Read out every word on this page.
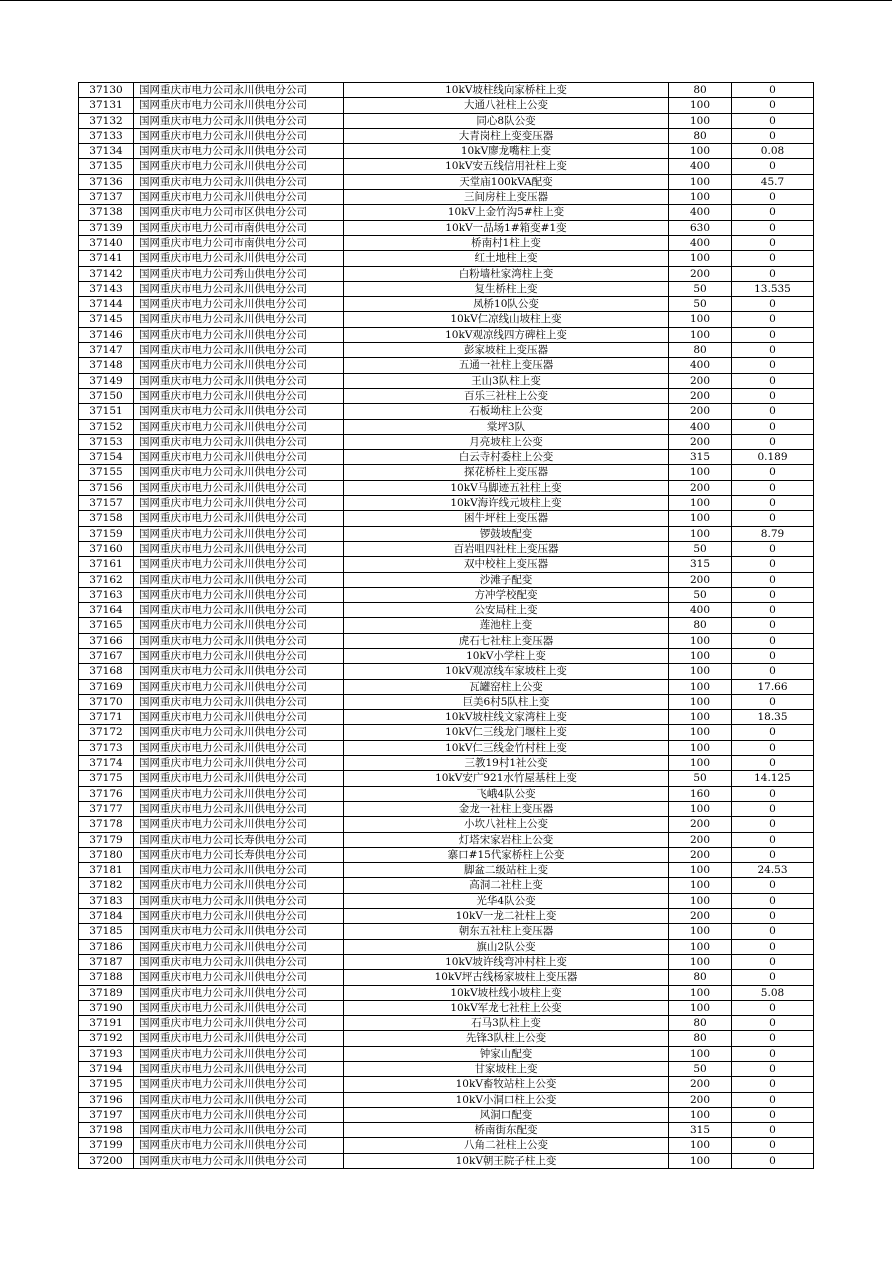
37130	国网重庆市电力公司永川供电分公司	10kV坡柱线向家桥柱上变	80	0
37131	国网重庆市电力公司永川供电分公司	大通八社柱上公变	100	0
37132	国网重庆市电力公司永川供电分公司	同心8队公变	100	0
37133	国网重庆市电力公司永川供电分公司	大青岗柱上变变压器	80	0
37134	国网重庆市电力公司永川供电分公司	10kV廖龙嘴柱上变	100	0.08
37135	国网重庆市电力公司永川供电分公司	10kV安五线信用社柱上变	400	0
37136	国网重庆市电力公司永川供电分公司	天堂庙100kVA配变	100	45.7
37137	国网重庆市电力公司永川供电分公司	三间房柱上变压器	100	0
37138	国网重庆市电力公司市区供电分公司	10kV上金竹沟5#柱上变	400	0
37139	国网重庆市电力公司市南供电分公司	10kV一品场1#箱变#1变	630	0
37140	国网重庆市电力公司市南供电分公司	桥南村1柱上变	400	0
37141	国网重庆市电力公司永川供电分公司	红土地柱上变	100	0
37142	国网重庆市电力公司秀山供电分公司	白粉墙杜家湾柱上变	200	0
37143	国网重庆市电力公司永川供电分公司	复生桥柱上变	50	13.535
37144	国网重庆市电力公司永川供电分公司	凤桥10队公变	50	0
37145	国网重庆市电力公司永川供电分公司	10kV仁凉线山坡柱上变	100	0
37146	国网重庆市电力公司永川供电分公司	10kV观凉线四方碑柱上变	100	0
37147	国网重庆市电力公司永川供电分公司	彭家坡柱上变压器	80	0
37148	国网重庆市电力公司永川供电分公司	五通一社柱上变压器	400	0
37149	国网重庆市电力公司永川供电分公司	王山3队柱上变	200	0
37150	国网重庆市电力公司永川供电分公司	百乐三社柱上公变	200	0
37151	国网重庆市电力公司永川供电分公司	石板坳柱上公变	200	0
37152	国网重庆市电力公司永川供电分公司	棠坪3队	400	0
37153	国网重庆市电力公司永川供电分公司	月亮坡柱上公变	200	0
37154	国网重庆市电力公司永川供电分公司	白云寺村委柱上公变	315	0.189
37155	国网重庆市电力公司永川供电分公司	探花桥柱上变压器	100	0
37156	国网重庆市电力公司永川供电分公司	10kV马脚迹五社柱上变	200	0
37157	国网重庆市电力公司永川供电分公司	10kV海许线元坡柱上变	100	0
37158	国网重庆市电力公司永川供电分公司	困牛坪柱上变压器	100	0
37159	国网重庆市电力公司永川供电分公司	锣鼓坡配变	100	8.79
37160	国网重庆市电力公司永川供电分公司	百岩咀四社柱上变压器	50	0
37161	国网重庆市电力公司永川供电分公司	双中校柱上变压器	315	0
37162	国网重庆市电力公司永川供电分公司	沙滩子配变	200	0
37163	国网重庆市电力公司永川供电分公司	方冲学校配变	50	0
37164	国网重庆市电力公司永川供电分公司	公安局柱上变	400	0
37165	国网重庆市电力公司永川供电分公司	莲池柱上变	80	0
37166	国网重庆市电力公司永川供电分公司	虎石七社柱上变压器	100	0
37167	国网重庆市电力公司永川供电分公司	10kV小学柱上变	100	0
37168	国网重庆市电力公司永川供电分公司	10kV观凉线车家坡柱上变	100	0
37169	国网重庆市电力公司永川供电分公司	瓦罐窑柱上公变	100	17.66
37170	国网重庆市电力公司永川供电分公司	巨美6村5队柱上变	100	0
37171	国网重庆市电力公司永川供电分公司	10kV坡柱线文家湾柱上变	100	18.35
37172	国网重庆市电力公司永川供电分公司	10kV仁三线龙门堰柱上变	100	0
37173	国网重庆市电力公司永川供电分公司	10kV仁三线金竹村柱上变	100	0
37174	国网重庆市电力公司永川供电分公司	三教19村1社公变	100	0
37175	国网重庆市电力公司永川供电分公司	10kV安广921水竹屋基柱上变	50	14.125
37176	国网重庆市电力公司永川供电分公司	飞峨4队公变	160	0
37177	国网重庆市电力公司永川供电分公司	金龙一社柱上变压器	100	0
37178	国网重庆市电力公司永川供电分公司	小坎八社柱上公变	200	0
37179	国网重庆市电力公司长寿供电分公司	灯塔宋家岩柱上公变	200	0
37180	国网重庆市电力公司长寿供电分公司	寨口#15代家桥柱上公变	200	0
37181	国网重庆市电力公司永川供电分公司	脚盆二级站柱上变	100	24.53
37182	国网重庆市电力公司永川供电分公司	高洞二社柱上变	100	0
37183	国网重庆市电力公司永川供电分公司	光华4队公变	100	0
37184	国网重庆市电力公司永川供电分公司	10kV一龙二社柱上变	200	0
37185	国网重庆市电力公司永川供电分公司	朝东五社柱上变压器	100	0
37186	国网重庆市电力公司永川供电分公司	旗山2队公变	100	0
37187	国网重庆市电力公司永川供电分公司	10kV坡许线弯冲村柱上变	100	0
37188	国网重庆市电力公司永川供电分公司	10kV坪古线杨家坡柱上变压器	80	0
37189	国网重庆市电力公司永川供电分公司	10kV坡杜线小坡柱上变	100	5.08
37190	国网重庆市电力公司永川供电分公司	10kV军龙七社柱上公变	100	0
37191	国网重庆市电力公司永川供电分公司	石马3队柱上变	80	0
37192	国网重庆市电力公司永川供电分公司	先锋3队柱上公变	80	0
37193	国网重庆市电力公司永川供电分公司	钟家山配变	100	0
37194	国网重庆市电力公司永川供电分公司	甘家坡柱上变	50	0
37195	国网重庆市电力公司永川供电分公司	10kV畜牧站柱上公变	200	0
37196	国网重庆市电力公司永川供电分公司	10kV小洞口柱上公变	200	0
37197	国网重庆市电力公司永川供电分公司	风洞口配变	100	0
37198	国网重庆市电力公司永川供电分公司	桥南街东配变	315	0
37199	国网重庆市电力公司永川供电分公司	八角二社柱上公变	100	0
37200	国网重庆市电力公司永川供电分公司	10kV朝王院子柱上变	100	0
